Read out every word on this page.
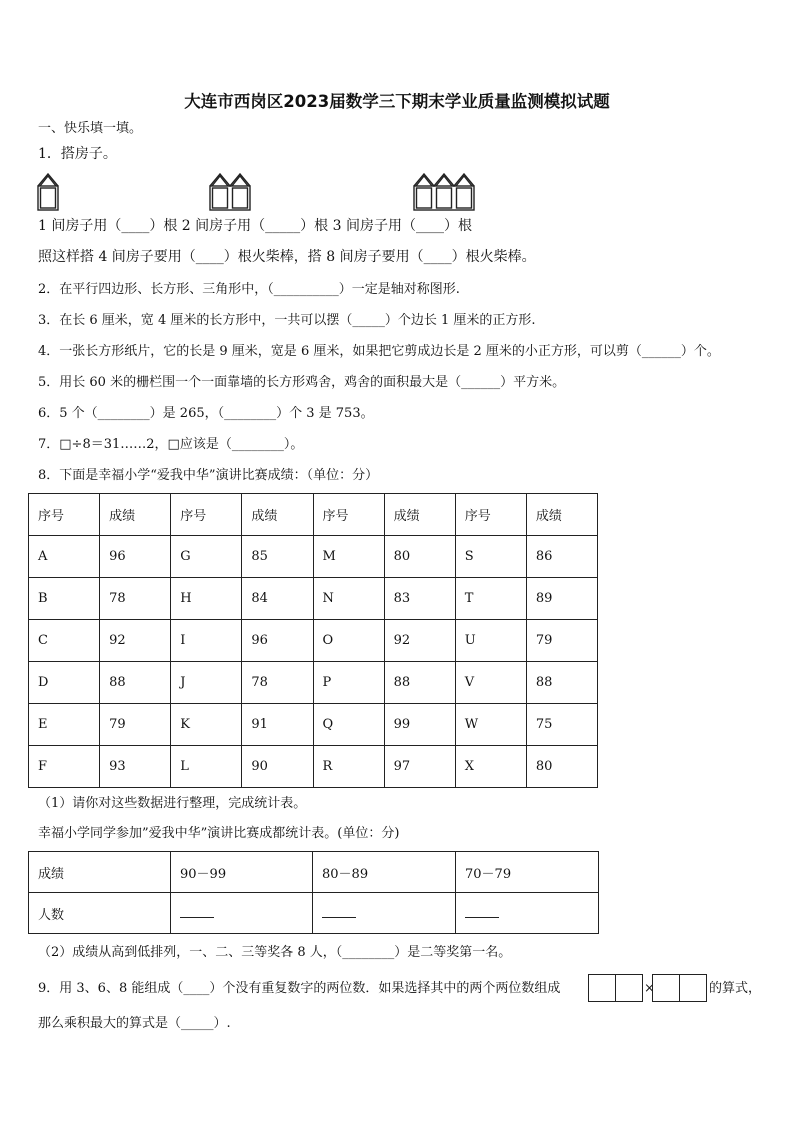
大连市西岗区2023届数学三下期末学业质量监测模拟试题
一、快乐填一填。
1．搭房子。
1 间房子用（____）根 2 间房子用（_____）根 3 间房子用（____）根
照这样搭 4 间房子要用（____）根火柴棒，搭 8 间房子要用（____）根火柴棒。
2．在平行四边形、长方形、三角形中，（__________）一定是轴对称图形.
3．在长 6 厘米，宽 4 厘米的长方形中，一共可以摆（_____）个边长 1 厘米的正方形.
4．一张长方形纸片，它的长是 9 厘米，宽是 6 厘米，如果把它剪成边长是 2 厘米的小正方形，可以剪（______）个。
5．用长 60 米的栅栏围一个一面靠墙的长方形鸡舍，鸡舍的面积最大是（______）平方米。
6．5 个（________）是 265，（________）个 3 是 753。
7．□÷8＝31……2，□应该是（________）。
8．下面是幸福小学“爱我中华”演讲比赛成绩：（单位：分）
序号	成绩	序号	成绩	序号	成绩	序号	成绩
A	96	G	85	M	80	S	86
B	78	H	84	N	83	T	89
C	92	I	96	O	92	U	79
D	88	J	78	P	88	V	88
E	79	K	91	Q	99	W	75
F	93	L	90	R	97	X	80
（1）请你对这些数据进行整理，完成统计表。
幸福小学同学参加”爱我中华”演讲比赛成都统计表。(单位：分)
成绩	90－99	80－89	70－79
人数			
（2）成绩从高到低排列，一、二、三等奖各 8 人，（________）是二等奖第一名。
9．用 3、6、8 能组成（____）个没有重复数字的两位数．如果选择其中的两个两位数组成	×	的算式，
那么乘积最大的算式是（_____）.
